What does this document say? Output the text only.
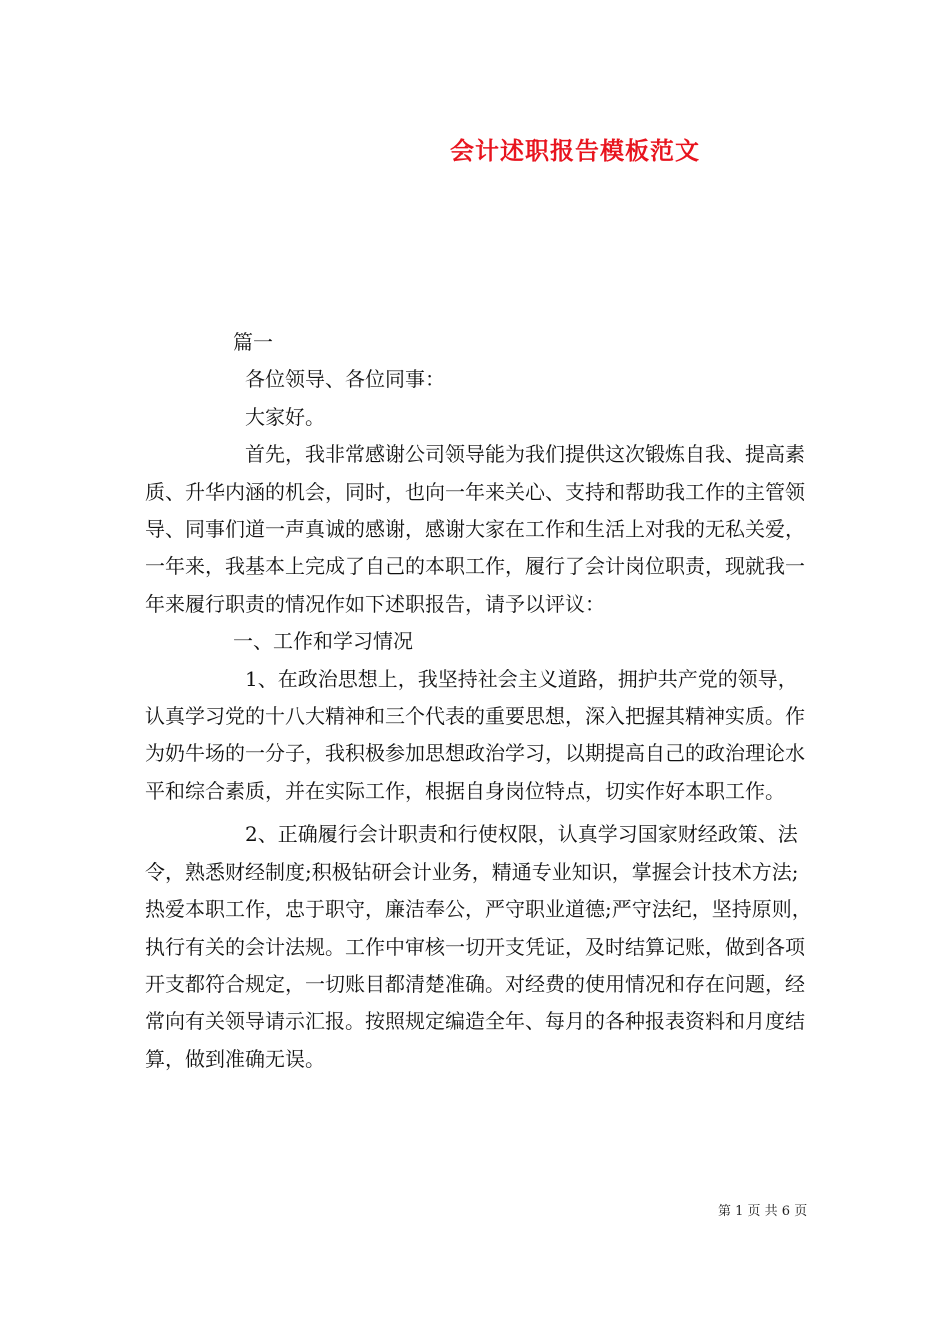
会计述职报告模板范文

篇一

各位领导、各位同事：

大家好。

首先，我非常感谢公司领导能为我们提供这次锻炼自我、提高素质、升华内涵的机会，同时，也向一年来关心、支持和帮助我工作的主管领导、同事们道一声真诚的感谢，感谢大家在工作和生活上对我的无私关爱，一年来，我基本上完成了自己的本职工作，履行了会计岗位职责，现就我一年来履行职责的情况作如下述职报告，请予以评议：

一、工作和学习情况

1、在政治思想上，我坚持社会主义道路，拥护共产党的领导，认真学习党的十八大精神和三个代表的重要思想，深入把握其精神实质。作为奶牛场的一分子，我积极参加思想政治学习，以期提高自己的政治理论水平和综合素质，并在实际工作，根据自身岗位特点，切实作好本职工作。

2、正确履行会计职责和行使权限，认真学习国家财经政策、法令，熟悉财经制度;积极钻研会计业务，精通专业知识，掌握会计技术方法;热爱本职工作，忠于职守，廉洁奉公，严守职业道德;严守法纪，坚持原则，执行有关的会计法规。工作中审核一切开支凭证，及时结算记账，做到各项开支都符合规定，一切账目都清楚准确。对经费的使用情况和存在问题，经常向有关领导请示汇报。按照规定编造全年、每月的各种报表资料和月度结算，做到准确无误。

第 1 页 共 6 页
